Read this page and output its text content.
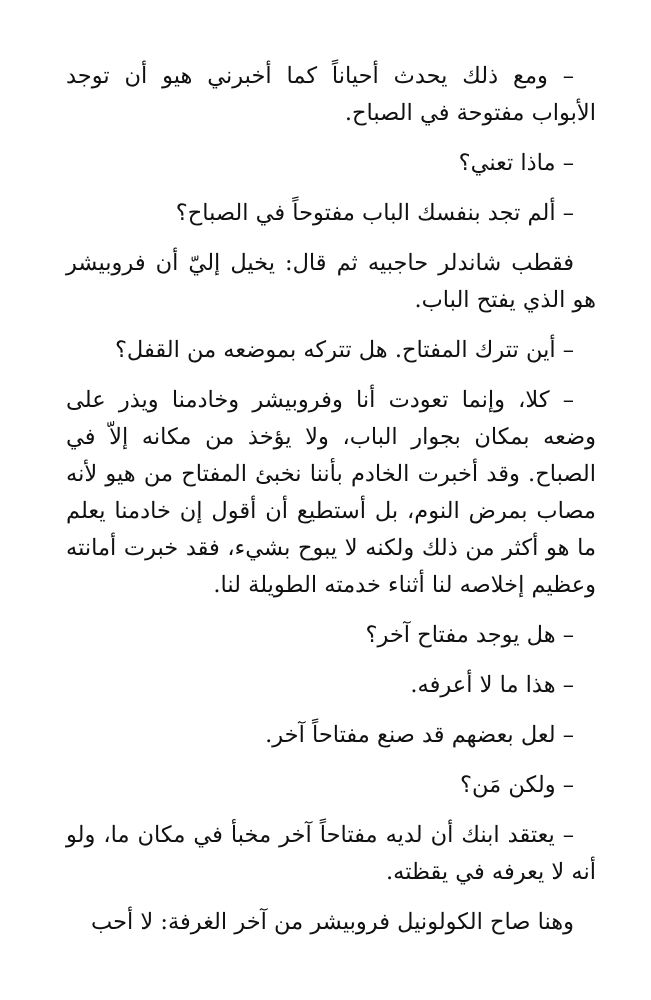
– ومع ذلك يحدث أحياناً كما أخبرني هيو أن توجد الأبواب مفتوحة في الصباح.

– ماذا تعني؟

– ألم تجد بنفسك الباب مفتوحاً في الصباح؟

فقطب شاندلر حاجبيه ثم قال: يخيل إليّ أن فروبيشر هو الذي يفتح الباب.

– أين تترك المفتاح. هل تتركه بموضعه من القفل؟

– كلا، وإنما تعودت أنا وفروبيشر وخادمنا ويذر على وضعه بمكان بجوار الباب، ولا يؤخذ من مكانه إلاّ في الصباح. وقد أخبرت الخادم بأننا نخبئ المفتاح من هيو لأنه مصاب بمرض النوم، بل أستطيع أن أقول إن خادمنا يعلم ما هو أكثر من ذلك ولكنه لا يبوح بشيء، فقد خبرت أمانته وعظيم إخلاصه لنا أثناء خدمته الطويلة لنا.

– هل يوجد مفتاح آخر؟

– هذا ما لا أعرفه.

– لعل بعضهم قد صنع مفتاحاً آخر.

– ولكن مَن؟

– يعتقد ابنك أن لديه مفتاحاً آخر مخبأ في مكان ما، ولو أنه لا يعرفه في يقظته.

وهنا صاح الكولونيل فروبيشر من آخر الغرفة: لا أحب
